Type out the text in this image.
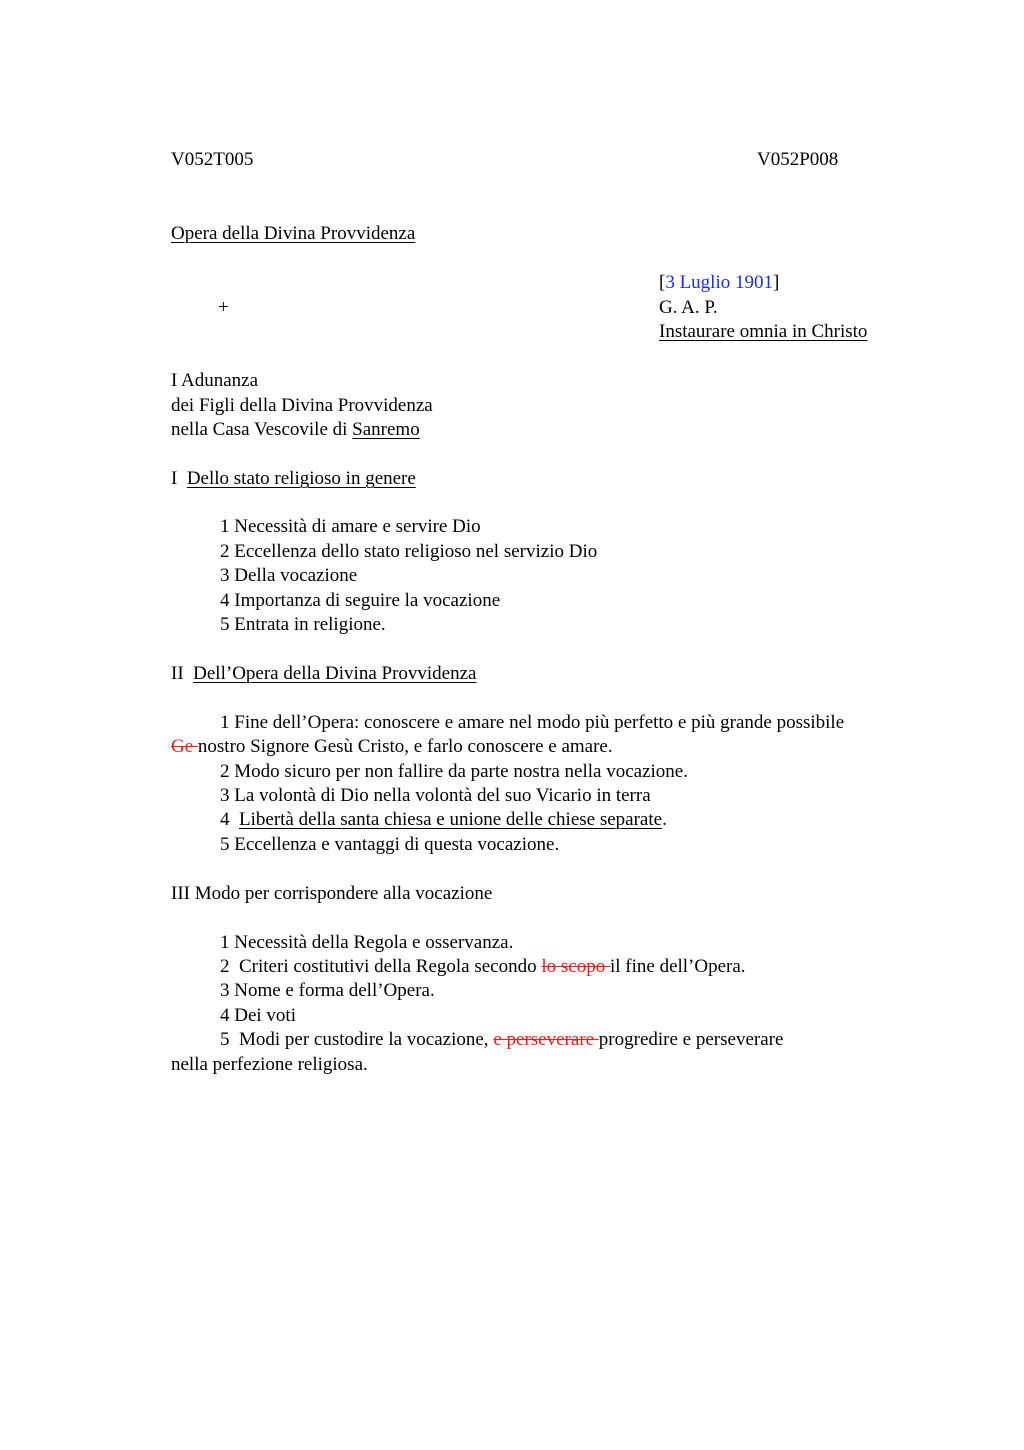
V052T005	V052P008
Opera della Divina Provvidenza
[3 Luglio 1901]
+	G. A. P.
Instaurare omnia in Christo
I Adunanza
dei Figli della Divina Provvidenza
nella Casa Vescovile di Sanremo
I Dello stato religioso in genere
1 Necessità di amare e servire Dio
2 Eccellenza dello stato religioso nel servizio Dio
3 Della vocazione
4 Importanza di seguire la vocazione
5 Entrata in religione.
II Dell’Opera della Divina Provvidenza
1 Fine dell’Opera: conoscere e amare nel modo più perfetto e più grande possibile
Ge nostro Signore Gesù Cristo, e farlo conoscere e amare.
2 Modo sicuro per non fallire da parte nostra nella vocazione.
3 La volontà di Dio nella volontà del suo Vicario in terra
4  Libertà della santa chiesa e unione delle chiese separate.
5 Eccellenza e vantaggi di questa vocazione.
III Modo per corrispondere alla vocazione
1 Necessità della Regola e osservanza.
2  Criteri costitutivi della Regola secondo lo scopo il fine dell’Opera.
3 Nome e forma dell’Opera.
4 Dei voti
5  Modi per custodire la vocazione, e perseverare progredire e perseverare
nella perfezione religiosa.
